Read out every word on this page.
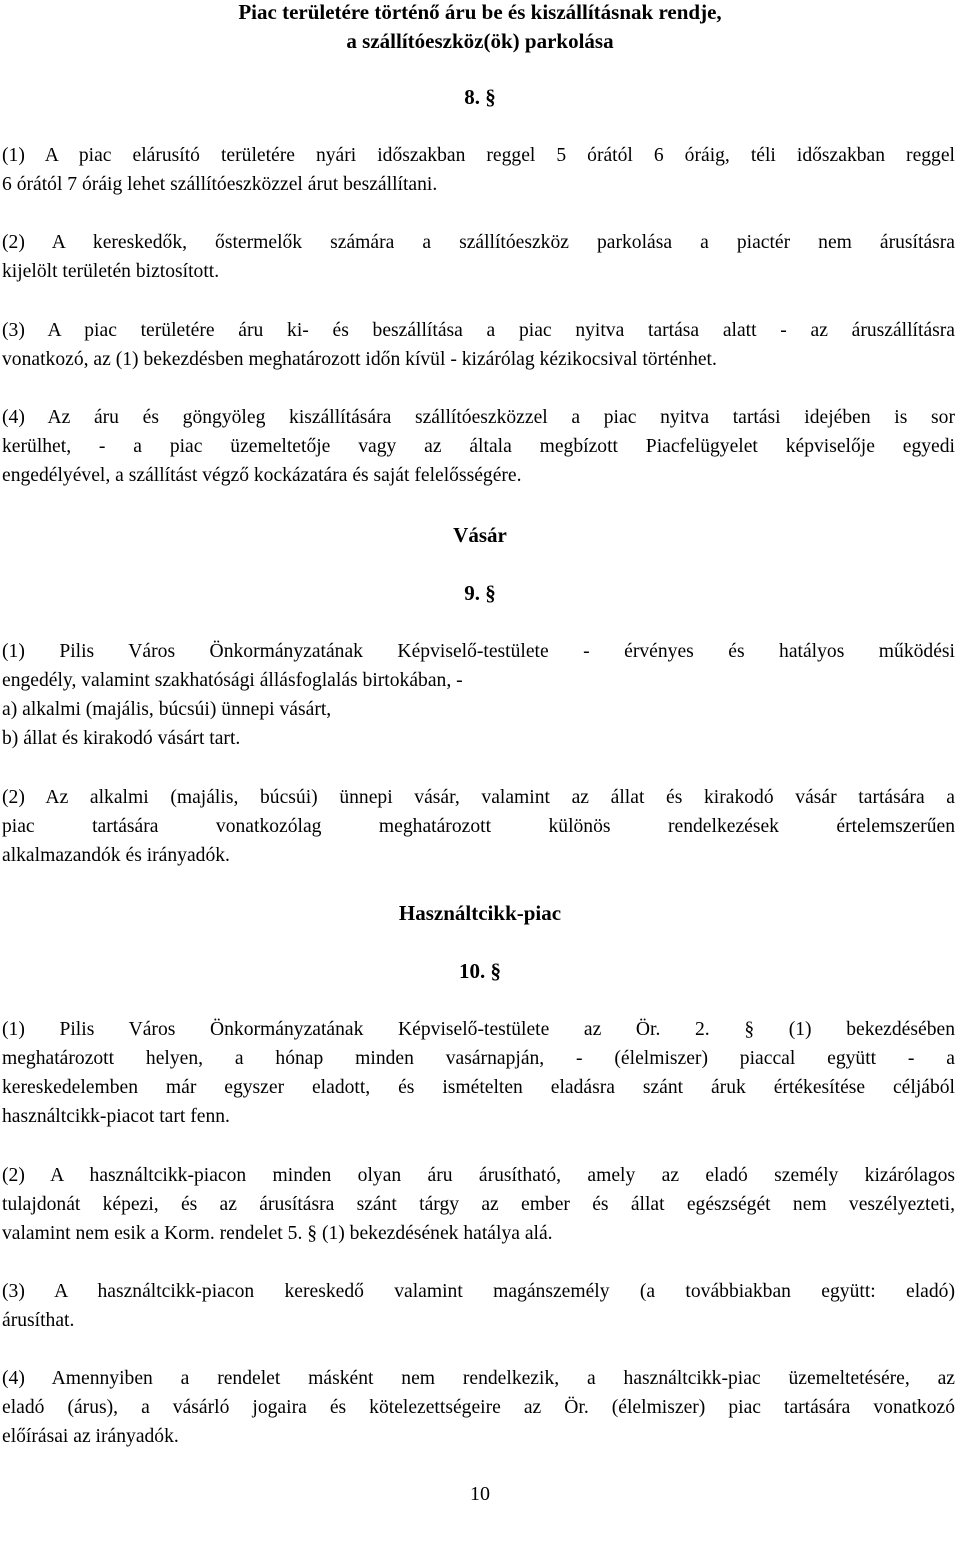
Piac területére történő áru be és kiszállításnak rendje,
a szállítóeszköz(ök) parkolása
8. §
(1) A piac elárusító területére nyári időszakban reggel 5 órától 6 óráig, téli időszakban reggel
6 órától 7 óráig lehet szállítóeszközzel árut beszállítani.
(2) A kereskedők, őstermelők számára a szállítóeszköz parkolása a piactér nem árusításra
kijelölt területén biztosított.
(3) A piac területére áru ki- és beszállítása a piac nyitva tartása alatt - az áruszállításra
vonatkozó, az (1) bekezdésben meghatározott időn kívül - kizárólag kézikocsival történhet.
(4) Az áru és göngyöleg kiszállítására szállítóeszközzel a piac nyitva tartási idejében is sor
kerülhet, - a piac üzemeltetője vagy az általa megbízott Piacfelügyelet képviselője egyedi
engedélyével, a szállítást végző kockázatára és saját felelősségére.
Vásár
9. §
(1) Pilis Város Önkormányzatának Képviselő-testülete - érvényes és hatályos működési
engedély, valamint szakhatósági állásfoglalás birtokában, -
a) alkalmi (majális, búcsúi) ünnepi vásárt,
b) állat és kirakodó vásárt tart.
(2) Az alkalmi (majális, búcsúi) ünnepi vásár, valamint az állat és kirakodó vásár tartására a
piac tartására vonatkozólag meghatározott különös rendelkezések értelemszerűen
alkalmazandók és irányadók.
Használtcikk-piac
10. §
(1) Pilis Város Önkormányzatának Képviselő-testülete az Ör. 2. § (1) bekezdésében
meghatározott helyen, a hónap minden vasárnapján, - (élelmiszer) piaccal együtt - a
kereskedelemben már egyszer eladott, és ismételten eladásra szánt áruk értékesítése céljából
használtcikk-piacot tart fenn.
(2) A használtcikk-piacon minden olyan áru árusítható, amely az eladó személy kizárólagos
tulajdonát képezi, és az árusításra szánt tárgy az ember és állat egészségét nem veszélyezteti,
valamint nem esik a Korm. rendelet 5. § (1) bekezdésének hatálya alá.
(3) A használtcikk-piacon kereskedő valamint magánszemély (a továbbiakban együtt: eladó)
árusíthat.
(4) Amennyiben a rendelet másként nem rendelkezik, a használtcikk-piac üzemeltetésére, az
eladó (árus), a vásárló jogaira és kötelezettségeire az Ör. (élelmiszer) piac tartására vonatkozó
előírásai az irányadók.
10
